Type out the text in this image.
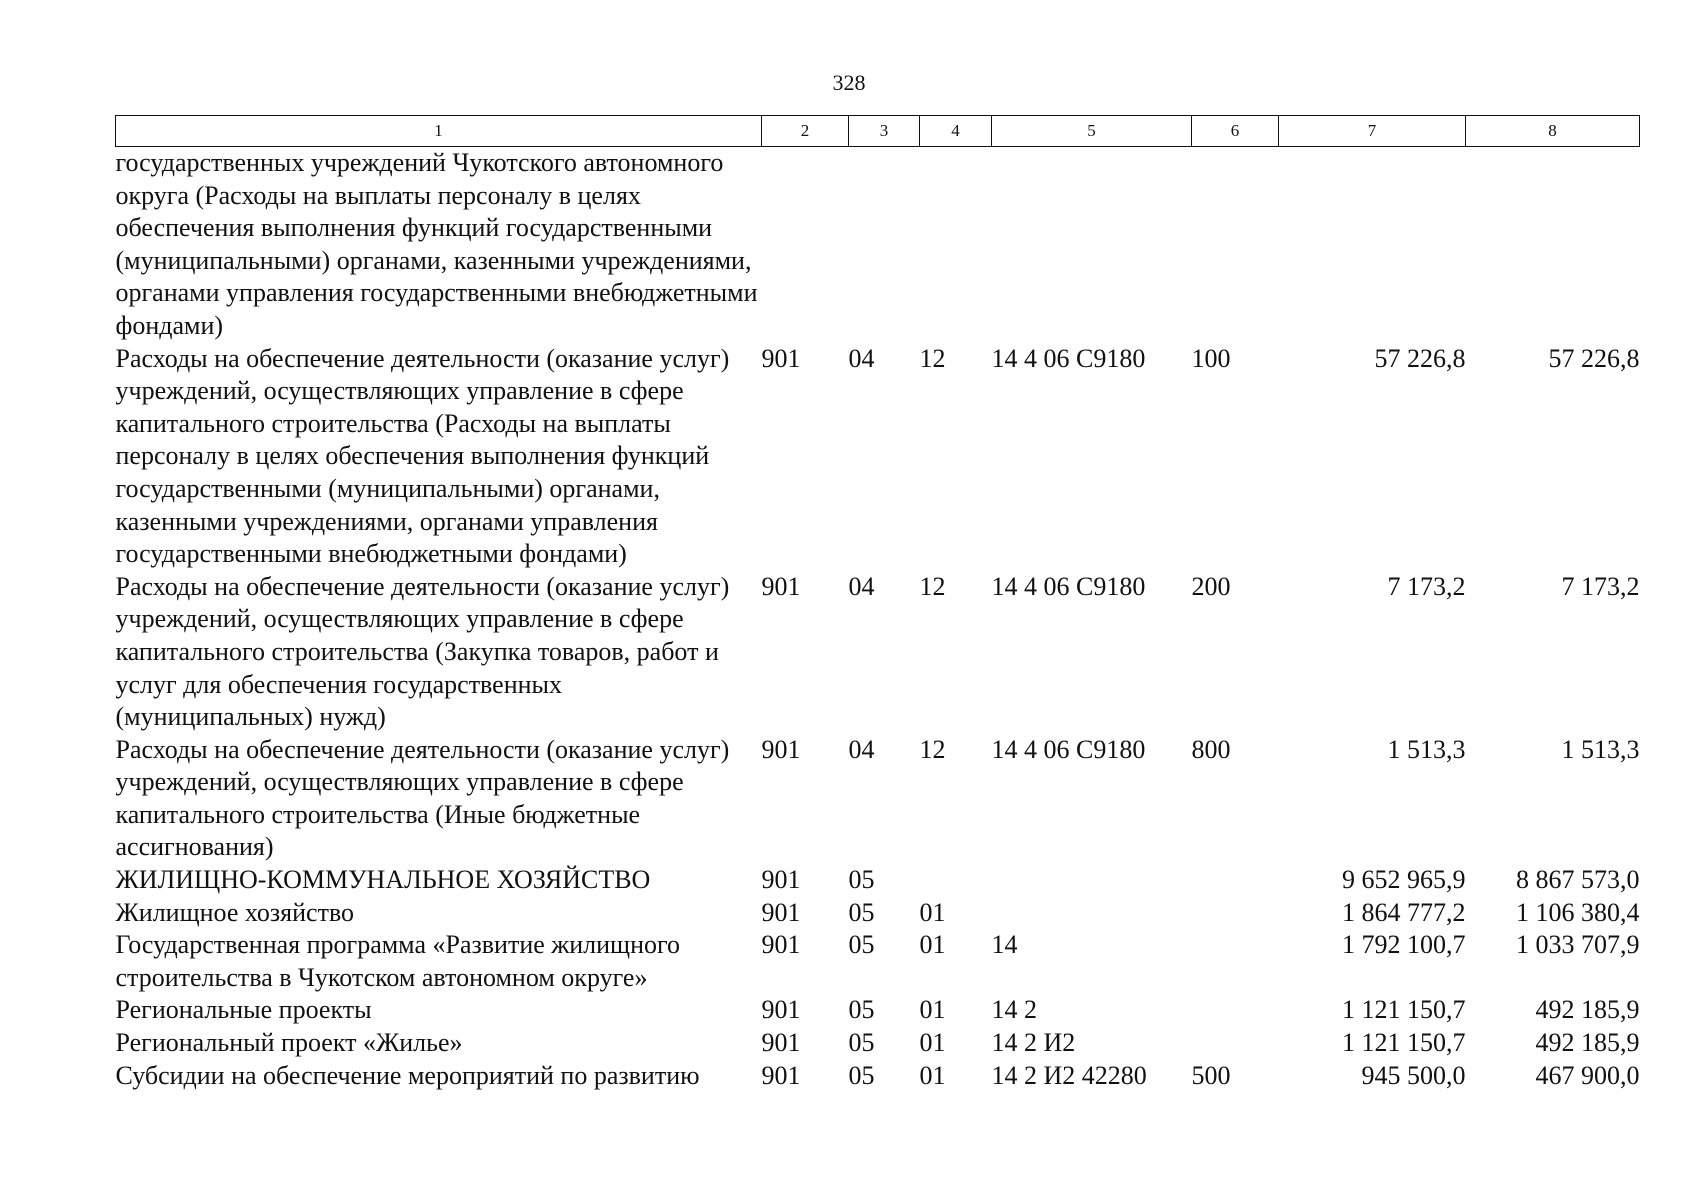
328
1	2	3	4	5	6	7	8
государственных учреждений Чукотского автономного округа (Расходы на выплаты персоналу в целях обеспечения выполнения функций государственными (муниципальными) органами, казенными учреждениями, органами управления государственными внебюджетными фондами)							
Расходы на обеспечение деятельности (оказание услуг) учреждений, осуществляющих управление в сфере капитального строительства (Расходы на выплаты персоналу в целях обеспечения выполнения функций государственными (муниципальными) органами, казенными учреждениями, органами управления государственными внебюджетными фондами)	901	04	12	14 4 06 С9180	100	57 226,8	57 226,8
Расходы на обеспечение деятельности (оказание услуг) учреждений, осуществляющих управление в сфере капитального строительства (Закупка товаров, работ и услуг для обеспечения государственных (муниципальных) нужд)	901	04	12	14 4 06 С9180	200	7 173,2	7 173,2
Расходы на обеспечение деятельности (оказание услуг) учреждений, осуществляющих управление в сфере капитального строительства (Иные бюджетные ассигнования)	901	04	12	14 4 06 С9180	800	1 513,3	1 513,3
ЖИЛИЩНО-КОММУНАЛЬНОЕ ХОЗЯЙСТВО	901	05				9 652 965,9	8 867 573,0
Жилищное хозяйство	901	05	01			1 864 777,2	1 106 380,4
Государственная программа «Развитие жилищного строительства в Чукотском автономном округе»	901	05	01	14		1 792 100,7	1 033 707,9
Региональные проекты	901	05	01	14 2		1 121 150,7	492 185,9
Региональный проект «Жилье»	901	05	01	14 2 И2		1 121 150,7	492 185,9
Субсидии на обеспечение мероприятий по развитию	901	05	01	14 2 И2 42280	500	945 500,0	467 900,0
